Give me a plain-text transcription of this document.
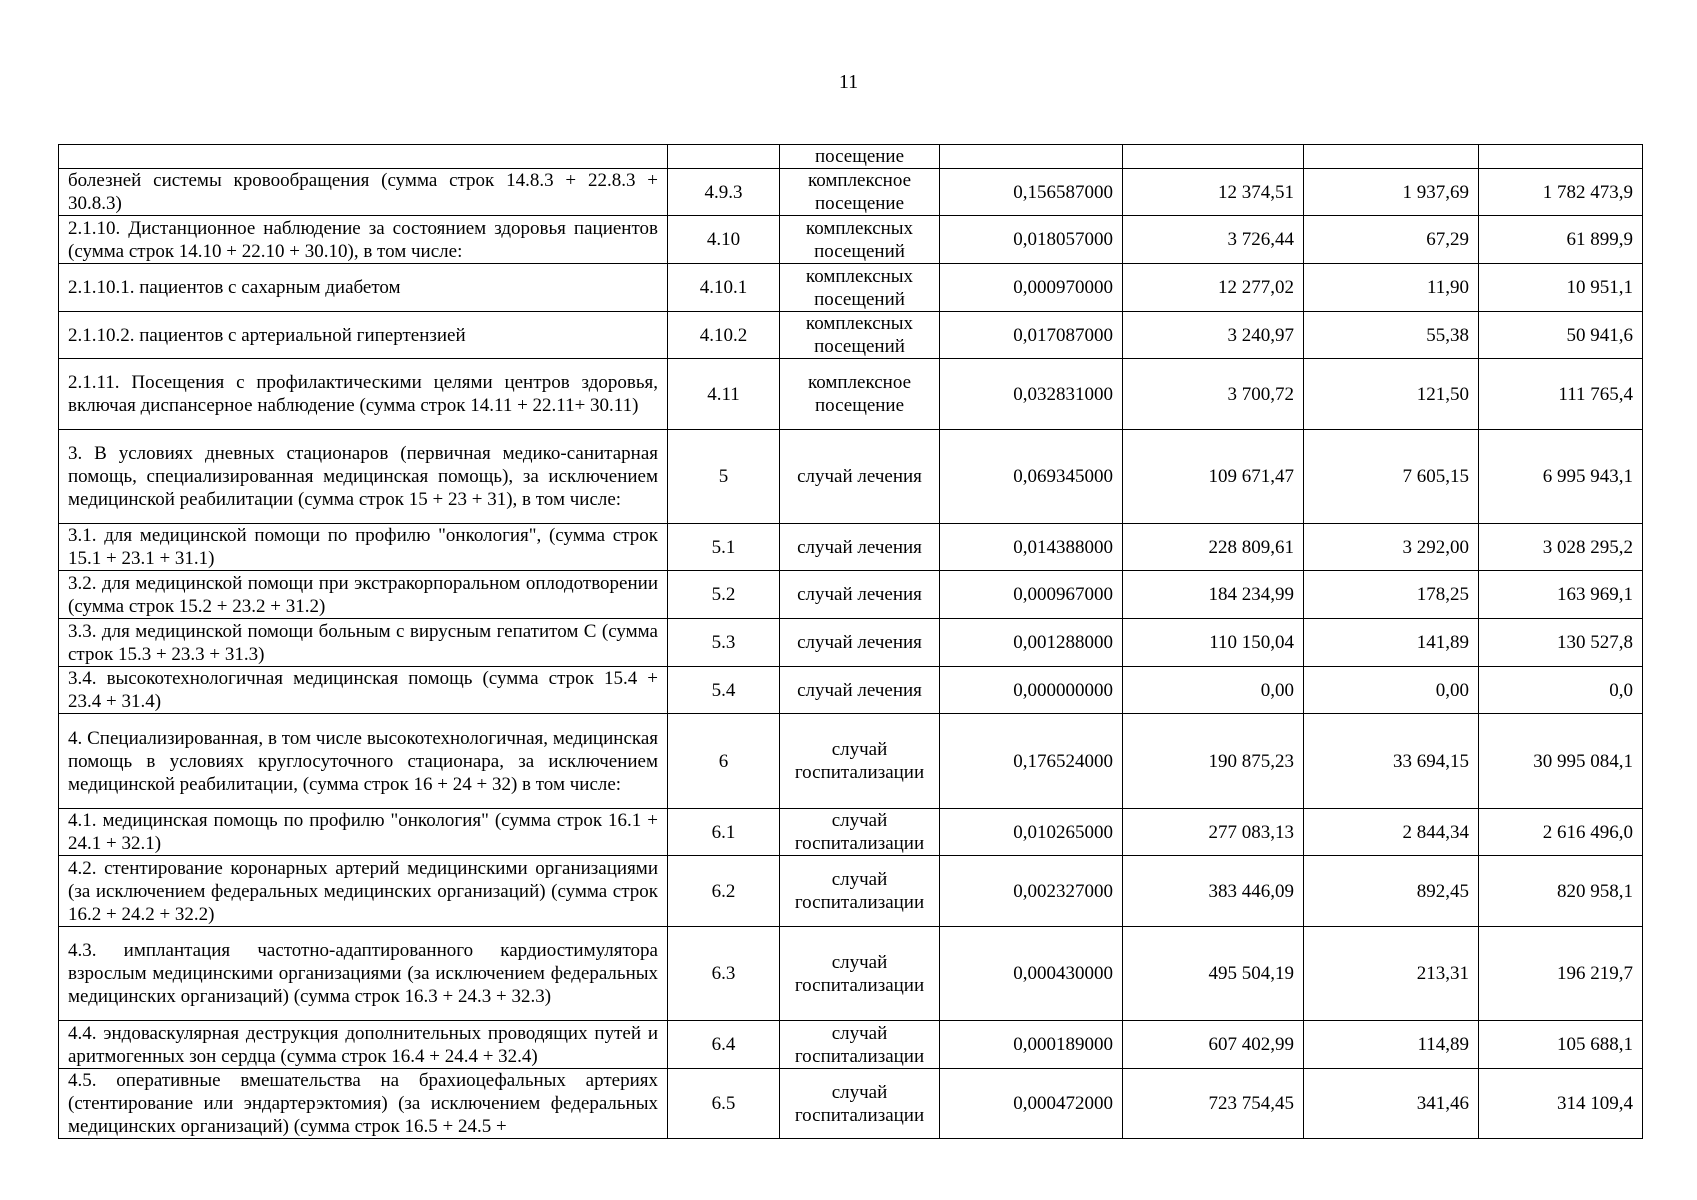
11
		посещение				
болезней системы кровообращения (сумма строк 14.8.3 + 22.8.3 + 30.8.3)	4.9.3	комплексное посещение	0,156587000	12 374,51	1 937,69	1 782 473,9
2.1.10. Дистанционное наблюдение за состоянием здоровья пациентов (сумма строк 14.10 + 22.10 + 30.10), в том числе:	4.10	комплексных посещений	0,018057000	3 726,44	67,29	61 899,9
2.1.10.1. пациентов с сахарным диабетом	4.10.1	комплексных посещений	0,000970000	12 277,02	11,90	10 951,1
2.1.10.2. пациентов с артериальной гипертензией	4.10.2	комплексных посещений	0,017087000	3 240,97	55,38	50 941,6
2.1.11. Посещения с профилактическими целями центров здоровья, включая диспансерное наблюдение (сумма строк 14.11 + 22.11+ 30.11)	4.11	комплексное посещение	0,032831000	3 700,72	121,50	111 765,4
3. В условиях дневных стационаров (первичная медико-санитарная помощь, специализированная медицинская помощь), за исключением медицинской реабилитации (сумма строк 15 + 23 + 31), в том числе:	5	случай лечения	0,069345000	109 671,47	7 605,15	6 995 943,1
3.1. для медицинской помощи по профилю "онкология", (сумма строк 15.1 + 23.1 + 31.1)	5.1	случай лечения	0,014388000	228 809,61	3 292,00	3 028 295,2
3.2. для медицинской помощи при экстракорпоральном оплодотворении (сумма строк 15.2 + 23.2 + 31.2)	5.2	случай лечения	0,000967000	184 234,99	178,25	163 969,1
3.3. для медицинской помощи больным с вирусным гепатитом С (сумма строк 15.3 + 23.3 + 31.3)	5.3	случай лечения	0,001288000	110 150,04	141,89	130 527,8
3.4. высокотехнологичная медицинская помощь (сумма строк 15.4 + 23.4 + 31.4)	5.4	случай лечения	0,000000000	0,00	0,00	0,0
4. Специализированная, в том числе высокотехнологичная, медицинская помощь в условиях круглосуточного стационара, за исключением медицинской реабилитации, (сумма строк 16 + 24 + 32) в том числе:	6	случай госпитализации	0,176524000	190 875,23	33 694,15	30 995 084,1
4.1. медицинская помощь по профилю "онкология" (сумма строк 16.1 + 24.1 + 32.1)	6.1	случай госпитализации	0,010265000	277 083,13	2 844,34	2 616 496,0
4.2. стентирование коронарных артерий медицинскими организациями (за исключением федеральных медицинских организаций) (сумма строк 16.2 + 24.2 + 32.2)	6.2	случай госпитализации	0,002327000	383 446,09	892,45	820 958,1
4.3. имплантация частотно-адаптированного кардиостимулятора взрослым медицинскими организациями (за исключением федеральных медицинских организаций) (сумма строк 16.3 + 24.3 + 32.3)	6.3	случай госпитализации	0,000430000	495 504,19	213,31	196 219,7
4.4. эндоваскулярная деструкция дополнительных проводящих путей и аритмогенных зон сердца (сумма строк 16.4 + 24.4 + 32.4)	6.4	случай госпитализации	0,000189000	607 402,99	114,89	105 688,1
4.5. оперативные вмешательства на брахиоцефальных артериях (стентирование или эндартерэктомия) (за исключением федеральных медицинских организаций) (сумма строк 16.5 + 24.5 +	6.5	случай госпитализации	0,000472000	723 754,45	341,46	314 109,4
